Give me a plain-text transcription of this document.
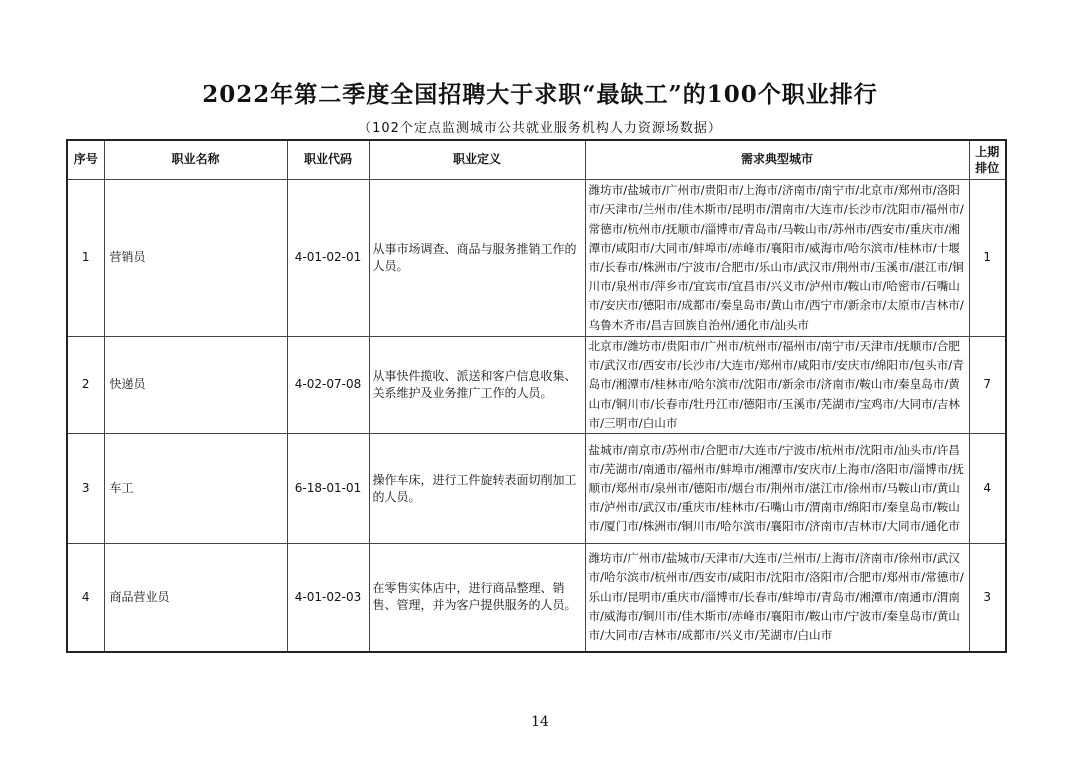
2022年第二季度全国招聘大于求职“最缺工”的100个职业排行
（102个定点监测城市公共就业服务机构人力资源场数据）
序号	职业名称	职业代码	职业定义	需求典型城市	上期排位
1	营销员	4-01-02-01	从事市场调查、商品与服务推销工作的人员。	潍坊市/盐城市/广州市/贵阳市/上海市/济南市/南宁市/北京市/郑州市/洛阳市/天津市/兰州市/佳木斯市/昆明市/渭南市/大连市/长沙市/沈阳市/福州市/常德市/杭州市/抚顺市/淄博市/青岛市/马鞍山市/苏州市/西安市/重庆市/湘潭市/咸阳市/大同市/蚌埠市/赤峰市/襄阳市/威海市/哈尔滨市/桂林市/十堰市/长春市/株洲市/宁波市/合肥市/乐山市/武汉市/荆州市/玉溪市/湛江市/铜川市/泉州市/萍乡市/宜宾市/宜昌市/兴义市/泸州市/鞍山市/哈密市/石嘴山市/安庆市/德阳市/成都市/秦皇岛市/黄山市/西宁市/新余市/太原市/吉林市/乌鲁木齐市/昌吉回族自治州/通化市/汕头市	1
2	快递员	4-02-07-08	从事快件揽收、派送和客户信息收集、关系维护及业务推广工作的人员。	北京市/潍坊市/贵阳市/广州市/杭州市/福州市/南宁市/天津市/抚顺市/合肥市/武汉市/西安市/长沙市/大连市/郑州市/咸阳市/安庆市/绵阳市/包头市/青岛市/湘潭市/桂林市/哈尔滨市/沈阳市/新余市/济南市/鞍山市/秦皇岛市/黄山市/铜川市/长春市/牡丹江市/德阳市/玉溪市/芜湖市/宝鸡市/大同市/吉林市/三明市/白山市	7
3	车工	6-18-01-01	操作车床，进行工件旋转表面切削加工的人员。	盐城市/南京市/苏州市/合肥市/大连市/宁波市/杭州市/沈阳市/汕头市/许昌市/芜湖市/南通市/福州市/蚌埠市/湘潭市/安庆市/上海市/洛阳市/淄博市/抚顺市/郑州市/泉州市/德阳市/烟台市/荆州市/湛江市/徐州市/马鞍山市/黄山市/泸州市/武汉市/重庆市/桂林市/石嘴山市/渭南市/绵阳市/秦皇岛市/鞍山市/厦门市/株洲市/铜川市/哈尔滨市/襄阳市/济南市/吉林市/大同市/通化市	4
4	商品营业员	4-01-02-03	在零售实体店中，进行商品整理、销售、管理，并为客户提供服务的人员。	潍坊市/广州市/盐城市/天津市/大连市/兰州市/上海市/济南市/徐州市/武汉市/哈尔滨市/杭州市/西安市/咸阳市/沈阳市/洛阳市/合肥市/郑州市/常德市/乐山市/昆明市/重庆市/淄博市/长春市/蚌埠市/青岛市/湘潭市/南通市/渭南市/威海市/铜川市/佳木斯市/赤峰市/襄阳市/鞍山市/宁波市/秦皇岛市/黄山市/大同市/吉林市/成都市/兴义市/芜湖市/白山市	3
14
